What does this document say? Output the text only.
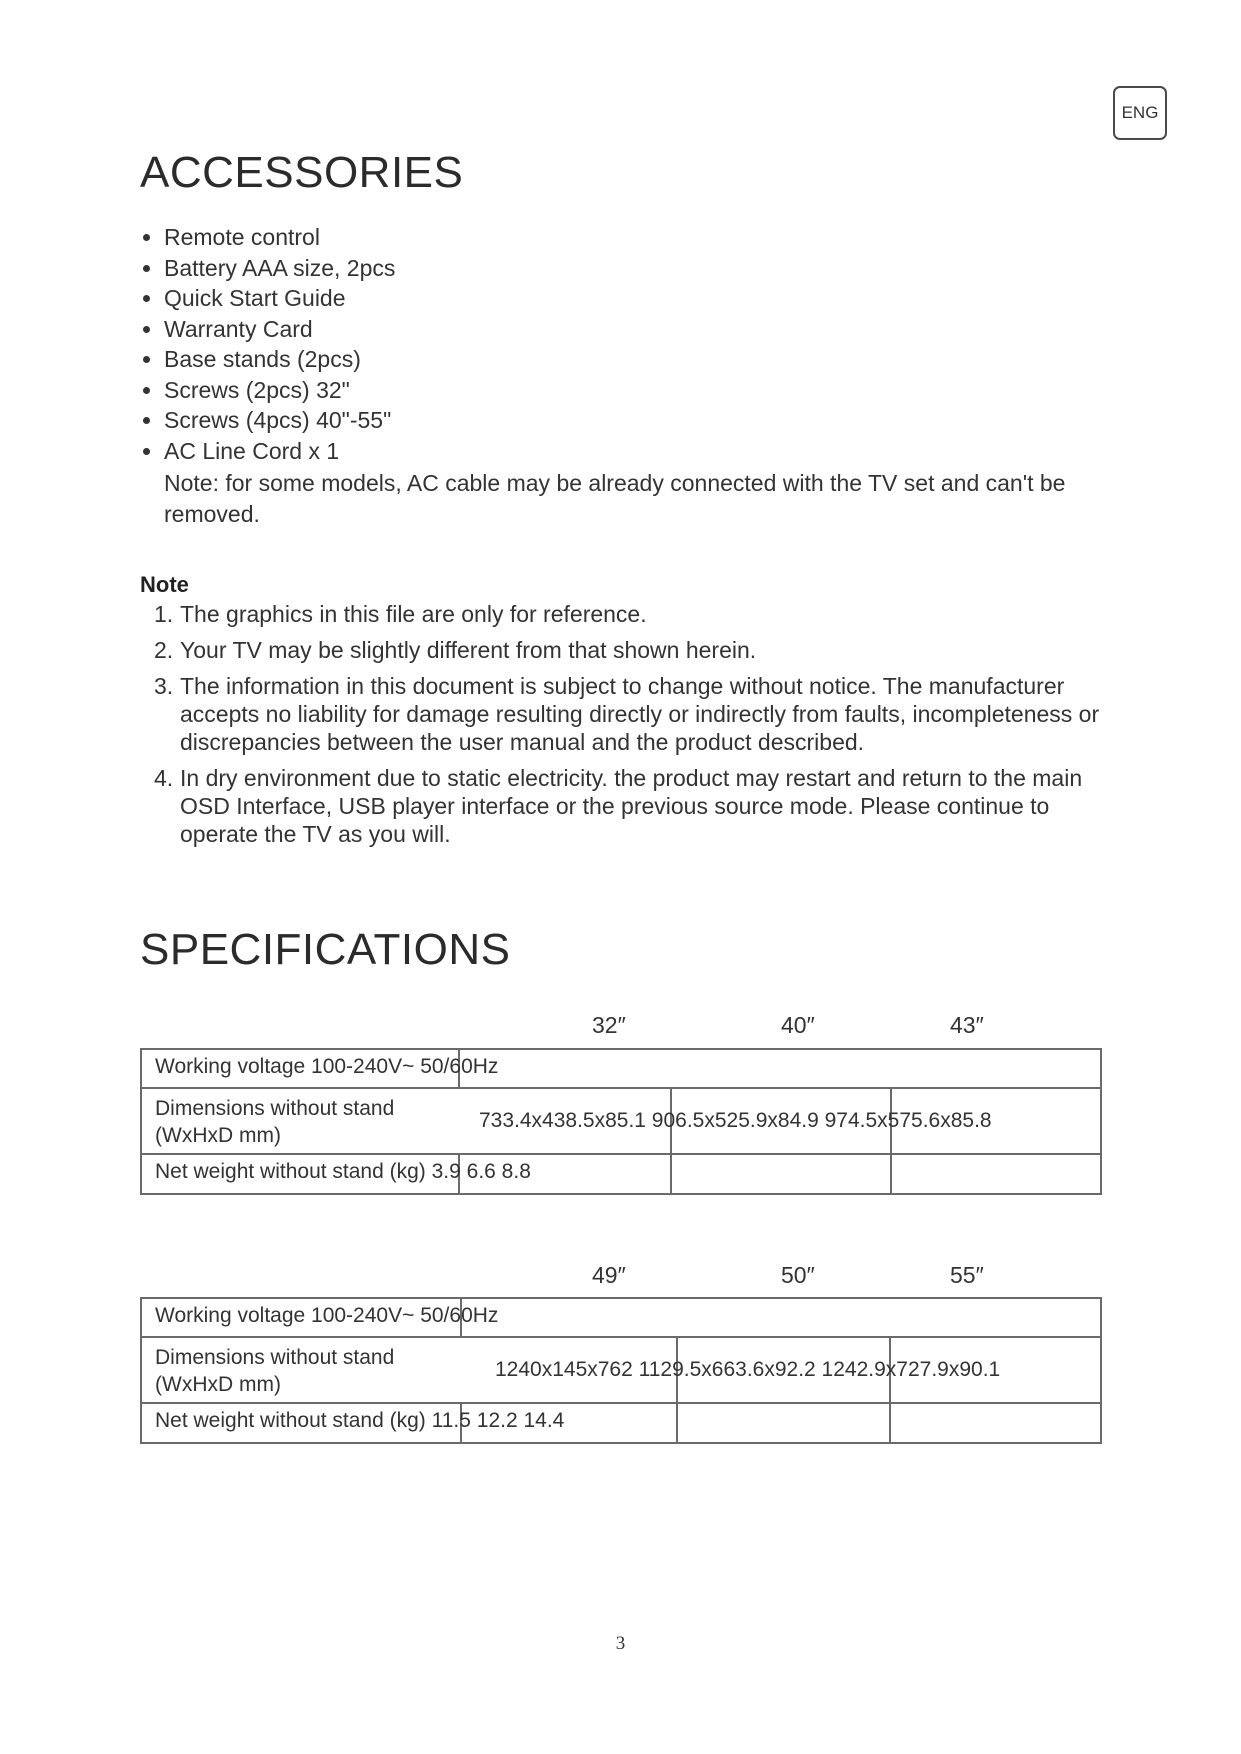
ENG
ACCESSORIES
Remote control
Battery AAA size, 2pcs
Quick Start Guide
Warranty Card
Base stands (2pcs)
Screws (2pcs) 32"
Screws (4pcs) 40"-55"
AC Line Cord x 1
Note: for some models, AC cable may be already connected with the TV set and can't be removed.
Note
1. The graphics in this file are only for reference.
2. Your TV may be slightly different from that shown herein.
3. The information in this document is subject to change without notice. The manufacturer accepts no liability for damage resulting directly or indirectly from faults, incompleteness or discrepancies between the user manual and the product described.
4. In dry environment due to static electricity. the product may restart and return to the main OSD Interface, USB player interface or the previous source mode. Please continue to operate the TV as you will.
SPECIFICATIONS
32″	40″	43″
Working voltage 100-240V~ 50/60Hz
Dimensions without stand (WxHxD mm)
733.4x438.5x85.1 906.5x525.9x84.9 974.5x575.6x85.8
Net weight without stand (kg) 3.9 6.6 8.8
49″	50″	55″
Working voltage 100-240V~ 50/60Hz
Dimensions without stand (WxHxD mm)
1240x145x762 1129.5x663.6x92.2 1242.9x727.9x90.1
Net weight without stand (kg) 11.5 12.2 14.4
3
